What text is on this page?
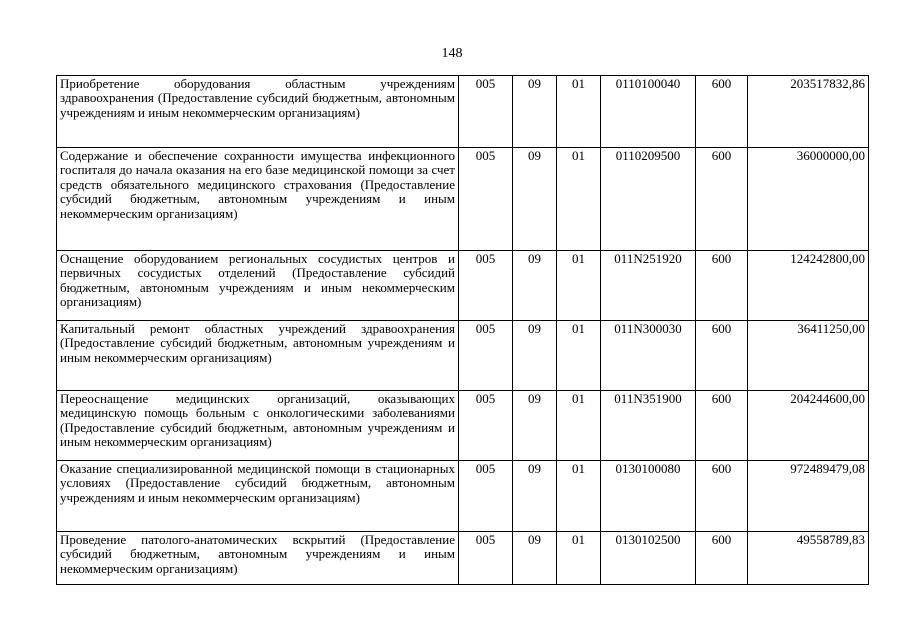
148
Приобретение оборудования областным учреждениям здравоохранения (Предоставление субсидий бюджетным, автономным учреждениям и иным некоммерческим организациям)	005	09	01	0110100040	600	203517832,86
Содержание и обеспечение сохранности имущества инфекционного госпиталя до начала оказания на его базе медицинской помощи за счет средств обязательного медицинского страхования (Предоставление субсидий бюджетным, автономным учреждениям и иным некоммерческим организациям)	005	09	01	0110209500	600	36000000,00
Оснащение оборудованием региональных сосудистых центров и первичных сосудистых отделений (Предоставление субсидий бюджетным, автономным учреждениям и иным некоммерческим организациям)	005	09	01	011N251920	600	124242800,00
Капитальный ремонт областных учреждений здравоохранения (Предоставление субсидий бюджетным, автономным учреждениям и иным некоммерческим организациям)	005	09	01	011N300030	600	36411250,00
Переоснащение медицинских организаций, оказывающих медицинскую помощь больным с онкологическими заболеваниями (Предоставление субсидий бюджетным, автономным учреждениям и иным некоммерческим организациям)	005	09	01	011N351900	600	204244600,00
Оказание специализированной медицинской помощи в стационарных условиях (Предоставление субсидий бюджетным, автономным учреждениям и иным некоммерческим организациям)	005	09	01	0130100080	600	972489479,08
Проведение патолого-анатомических вскрытий (Предоставление субсидий бюджетным, автономным учреждениям и иным некоммерческим организациям)	005	09	01	0130102500	600	49558789,83
